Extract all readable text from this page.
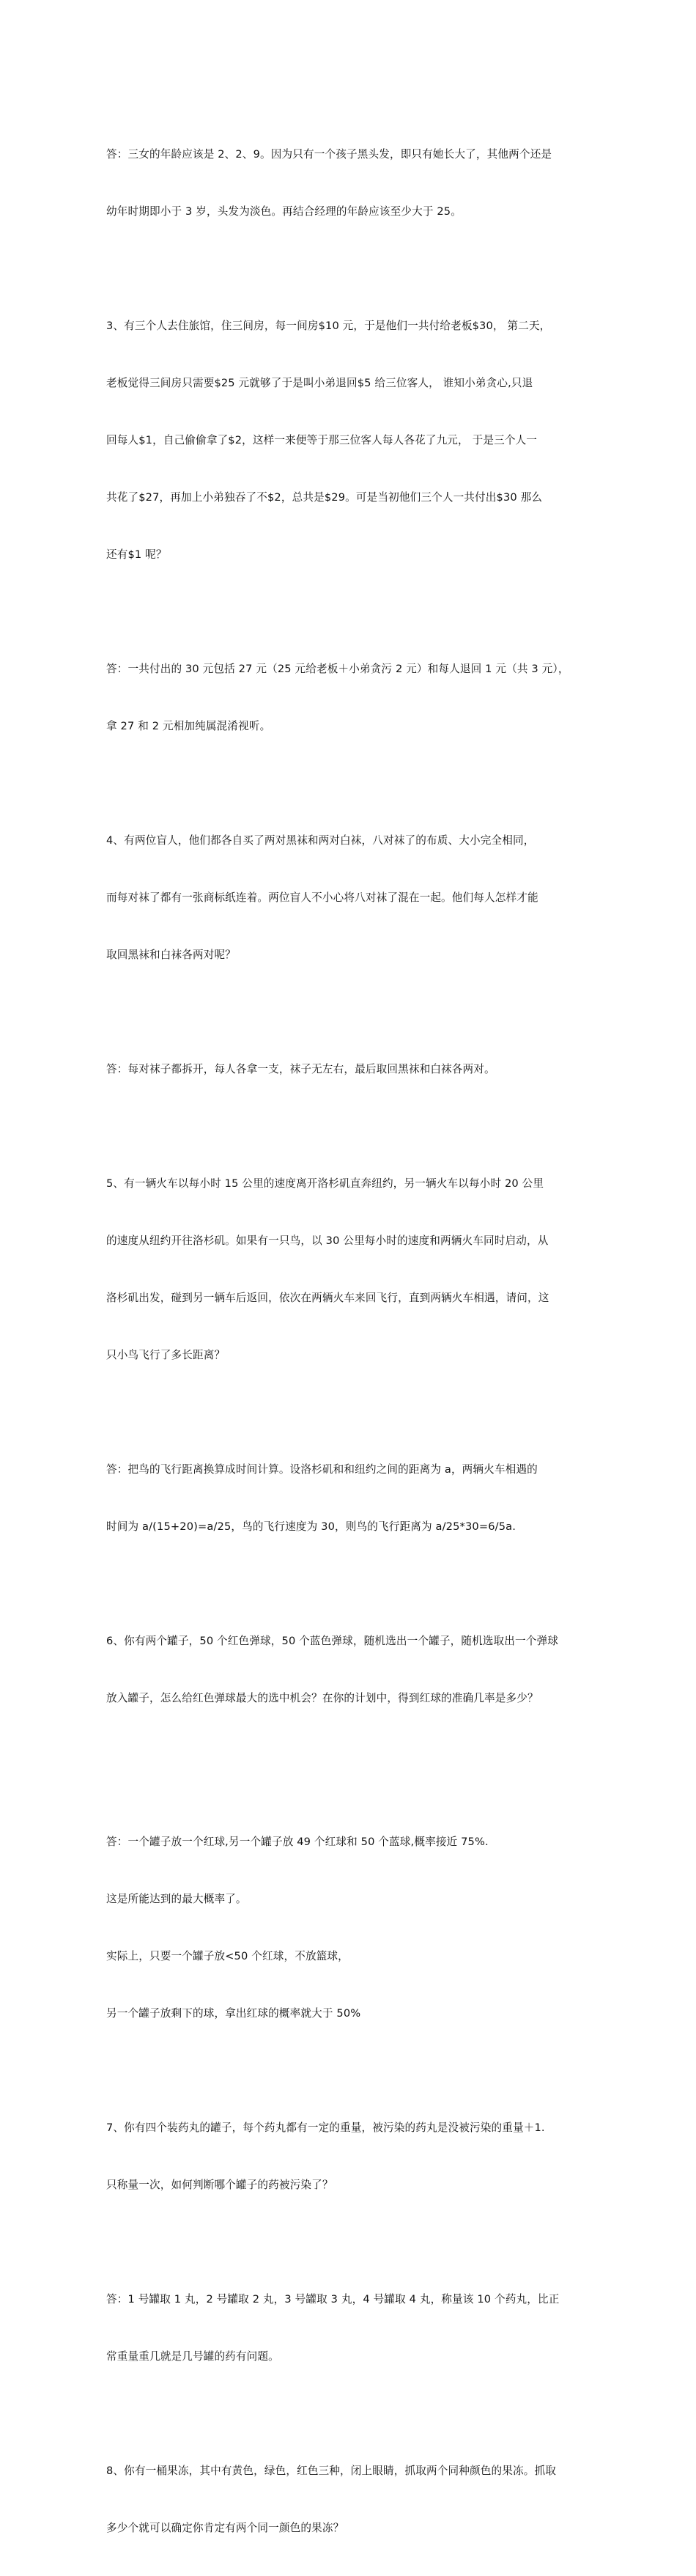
答：三女的年龄应该是 2、2、9。因为只有一个孩子黑头发，即只有她长大了，其他两个还是

幼年时期即小于 3 岁，头发为淡色。再结合经理的年龄应该至少大于 25。

3、有三个人去住旅馆，住三间房，每一间房$10 元，于是他们一共付给老板$30， 第二天，

老板觉得三间房只需要$25 元就够了于是叫小弟退回$5 给三位客人， 谁知小弟贪心,只退

回每人$1，自己偷偷拿了$2，这样一来便等于那三位客人每人各花了九元， 于是三个人一

共花了$27，再加上小弟独吞了不$2，总共是$29。可是当初他们三个人一共付出$30 那么

还有$1 呢？

答：一共付出的 30 元包括 27 元（25 元给老板＋小弟贪污 2 元）和每人退回 1 元（共 3 元），

拿 27 和 2 元相加纯属混淆视听。

4、有两位盲人，他们都各自买了两对黑袜和两对白袜，八对袜了的布质、大小完全相同，

而每对袜了都有一张商标纸连着。两位盲人不小心将八对袜了混在一起。他们每人怎样才能

取回黑袜和白袜各两对呢？

答：每对袜子都拆开，每人各拿一支，袜子无左右，最后取回黑袜和白袜各两对。

5、有一辆火车以每小时 15 公里的速度离开洛杉矶直奔纽约，另一辆火车以每小时 20 公里

的速度从纽约开往洛杉矶。如果有一只鸟，以 30 公里每小时的速度和两辆火车同时启动，从

洛杉矶出发，碰到另一辆车后返回，依次在两辆火车来回飞行，直到两辆火车相遇，请问，这

只小鸟飞行了多长距离？

答：把鸟的飞行距离换算成时间计算。设洛杉矶和和纽约之间的距离为 a，两辆火车相遇的

时间为 a/(15+20)=a/25，鸟的飞行速度为 30，则鸟的飞行距离为 a/25*30=6/5a.

6、你有两个罐子，50 个红色弹球，50 个蓝色弹球，随机选出一个罐子，随机选取出一个弹球

放入罐子，怎么给红色弹球最大的选中机会？在你的计划中，得到红球的准确几率是多少？

答：一个罐子放一个红球,另一个罐子放 49 个红球和 50 个蓝球,概率接近 75%.

这是所能达到的最大概率了。

实际上，只要一个罐子放<50 个红球，不放篮球，

另一个罐子放剩下的球，拿出红球的概率就大于 50%

7、你有四个装药丸的罐子，每个药丸都有一定的重量，被污染的药丸是没被污染的重量＋1.

只称量一次，如何判断哪个罐子的药被污染了？

答：1 号罐取 1 丸，2 号罐取 2 丸，3 号罐取 3 丸，4 号罐取 4 丸，称量该 10 个药丸，比正

常重量重几就是几号罐的药有问题。

8、你有一桶果冻，其中有黄色，绿色，红色三种，闭上眼睛，抓取两个同种颜色的果冻。抓取

多少个就可以确定你肯定有两个同一颜色的果冻？
